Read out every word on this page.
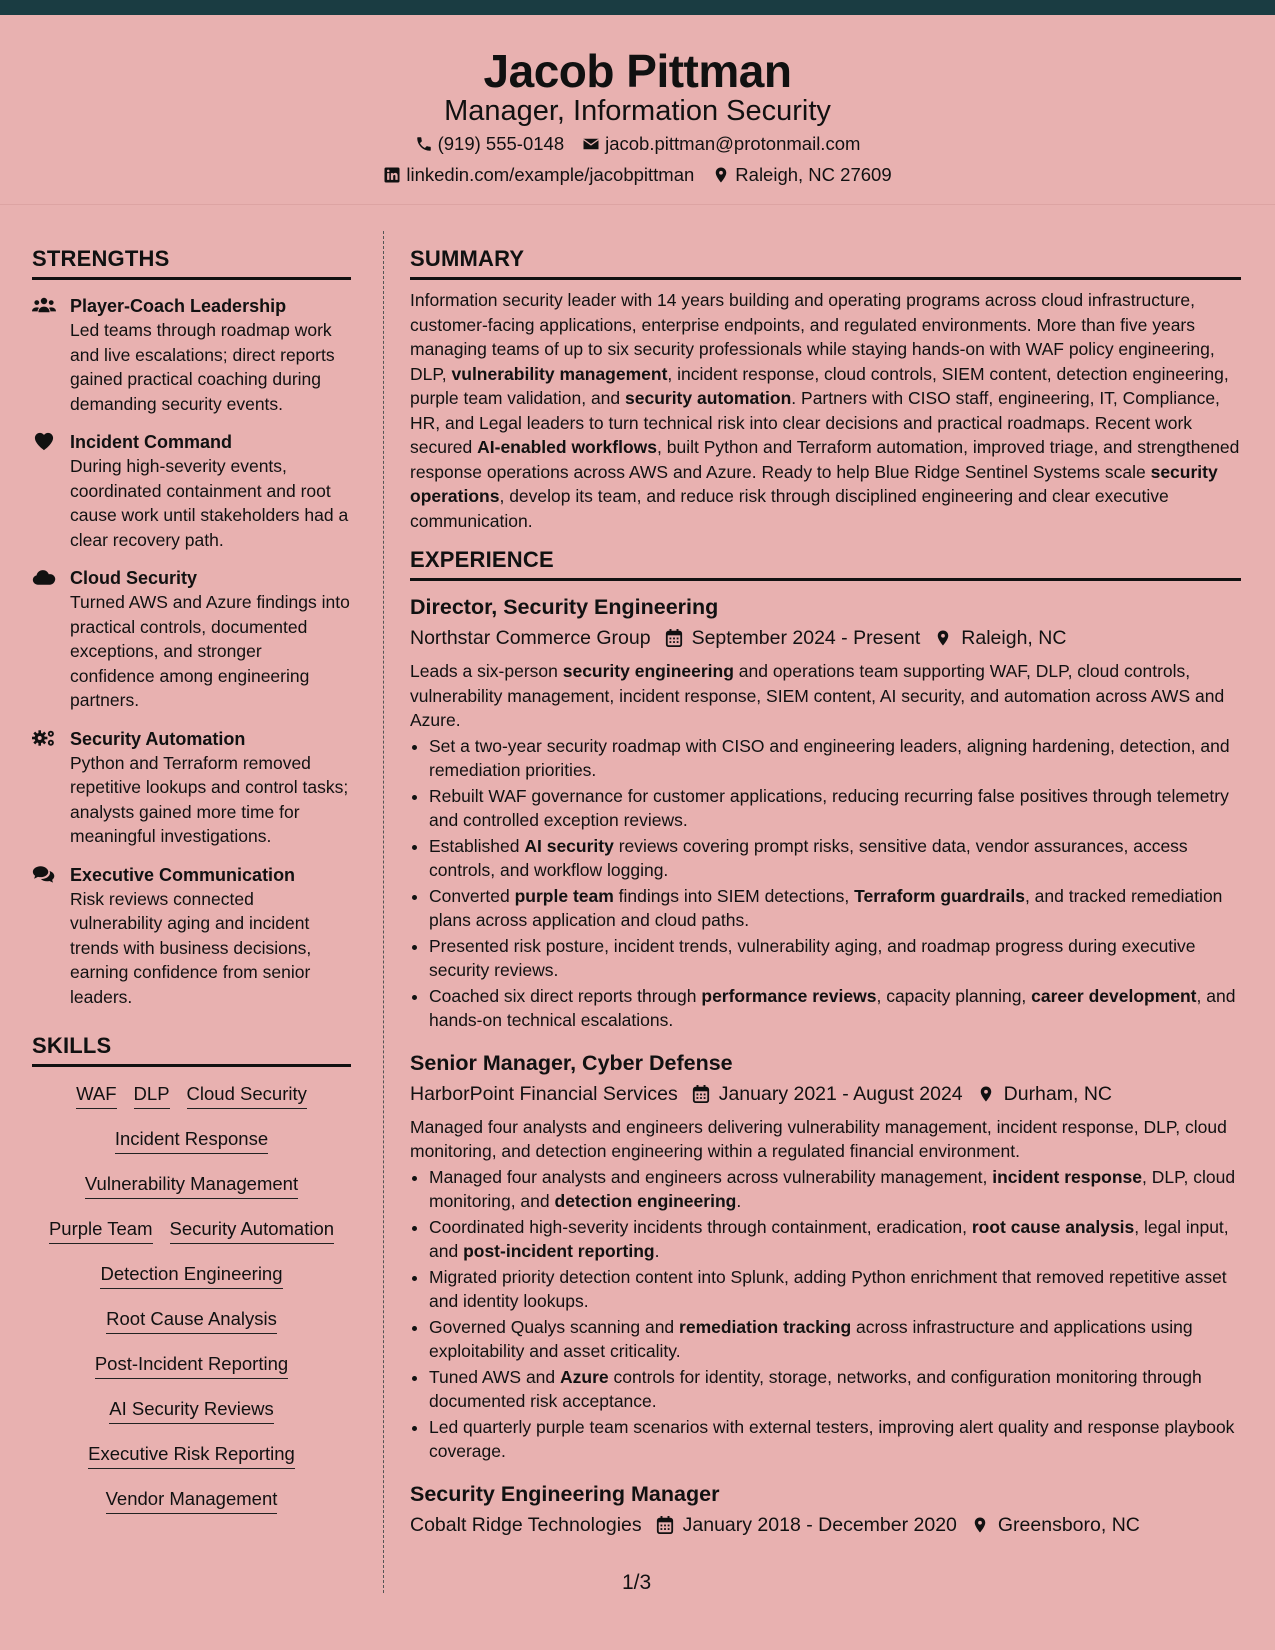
Jacob Pittman
Manager, Information Security
(919) 555-0148 jacob.pittman@protonmail.com
linkedin.com/example/jacobpittman Raleigh, NC 27609
STRENGTHS
Player-Coach Leadership
Led teams through roadmap work and live escalations; direct reports gained practical coaching during demanding security events.
Incident Command
During high-severity events, coordinated containment and root cause work until stakeholders had a clear recovery path.
Cloud Security
Turned AWS and Azure findings into practical controls, documented exceptions, and stronger confidence among engineering partners.
Security Automation
Python and Terraform removed repetitive lookups and control tasks; analysts gained more time for meaningful investigations.
Executive Communication
Risk reviews connected vulnerability aging and incident trends with business decisions, earning confidence from senior leaders.
SKILLS
WAF DLP Cloud Security
Incident Response
Vulnerability Management
Purple Team Security Automation
Detection Engineering
Root Cause Analysis
Post-Incident Reporting
AI Security Reviews
Executive Risk Reporting
Vendor Management
SUMMARY
Information security leader with 14 years building and operating programs across cloud infrastructure, customer-facing applications, enterprise endpoints, and regulated environments. More than five years managing teams of up to six security professionals while staying hands-on with WAF policy engineering, DLP, vulnerability management, incident response, cloud controls, SIEM content, detection engineering, purple team validation, and security automation. Partners with CISO staff, engineering, IT, Compliance, HR, and Legal leaders to turn technical risk into clear decisions and practical roadmaps. Recent work secured AI-enabled workflows, built Python and Terraform automation, improved triage, and strengthened response operations across AWS and Azure. Ready to help Blue Ridge Sentinel Systems scale security operations, develop its team, and reduce risk through disciplined engineering and clear executive communication.
EXPERIENCE
Director, Security Engineering
Northstar Commerce Group September 2024 - Present Raleigh, NC
Leads a six-person security engineering and operations team supporting WAF, DLP, cloud controls, vulnerability management, incident response, SIEM content, AI security, and automation across AWS and Azure.
• Set a two-year security roadmap with CISO and engineering leaders, aligning hardening, detection, and remediation priorities.
• Rebuilt WAF governance for customer applications, reducing recurring false positives through telemetry and controlled exception reviews.
• Established AI security reviews covering prompt risks, sensitive data, vendor assurances, access controls, and workflow logging.
• Converted purple team findings into SIEM detections, Terraform guardrails, and tracked remediation plans across application and cloud paths.
• Presented risk posture, incident trends, vulnerability aging, and roadmap progress during executive security reviews.
• Coached six direct reports through performance reviews, capacity planning, career development, and hands-on technical escalations.
Senior Manager, Cyber Defense
HarborPoint Financial Services January 2021 - August 2024 Durham, NC
Managed four analysts and engineers delivering vulnerability management, incident response, DLP, cloud monitoring, and detection engineering within a regulated financial environment.
• Managed four analysts and engineers across vulnerability management, incident response, DLP, cloud monitoring, and detection engineering.
• Coordinated high-severity incidents through containment, eradication, root cause analysis, legal input, and post-incident reporting.
• Migrated priority detection content into Splunk, adding Python enrichment that removed repetitive asset and identity lookups.
• Governed Qualys scanning and remediation tracking across infrastructure and applications using exploitability and asset criticality.
• Tuned AWS and Azure controls for identity, storage, networks, and configuration monitoring through documented risk acceptance.
• Led quarterly purple team scenarios with external testers, improving alert quality and response playbook coverage.
Security Engineering Manager
Cobalt Ridge Technologies January 2018 - December 2020 Greensboro, NC
1/3
